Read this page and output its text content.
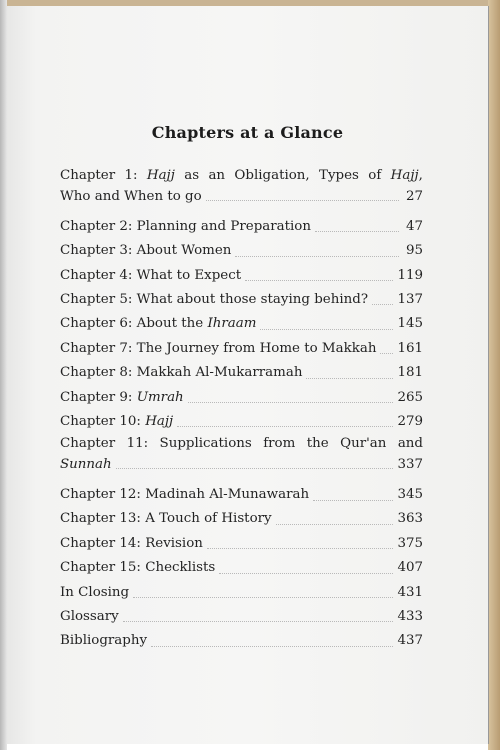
Chapters at a Glance
Chapter 1: Hajj as an Obligation, Types of Hajj,
Who and When to go	27
Chapter 2: Planning and Preparation	47
Chapter 3: About Women	95
Chapter 4: What to Expect	119
Chapter 5: What about those staying behind? 137
Chapter 6: About the Ihraam	145
Chapter 7: The Journey from Home to Makkah 161
Chapter 8: Makkah Al-Mukarramah	181
Chapter 9: Umrah	265
Chapter 10: Hajj	279
Chapter 11: Supplications from the Qur'an and
Sunnah	337
Chapter 12: Madinah Al-Munawarah	345
Chapter 13: A Touch of History	363
Chapter 14: Revision	375
Chapter 15: Checklists	407
In Closing	431
Glossary	433
Bibliography	437
